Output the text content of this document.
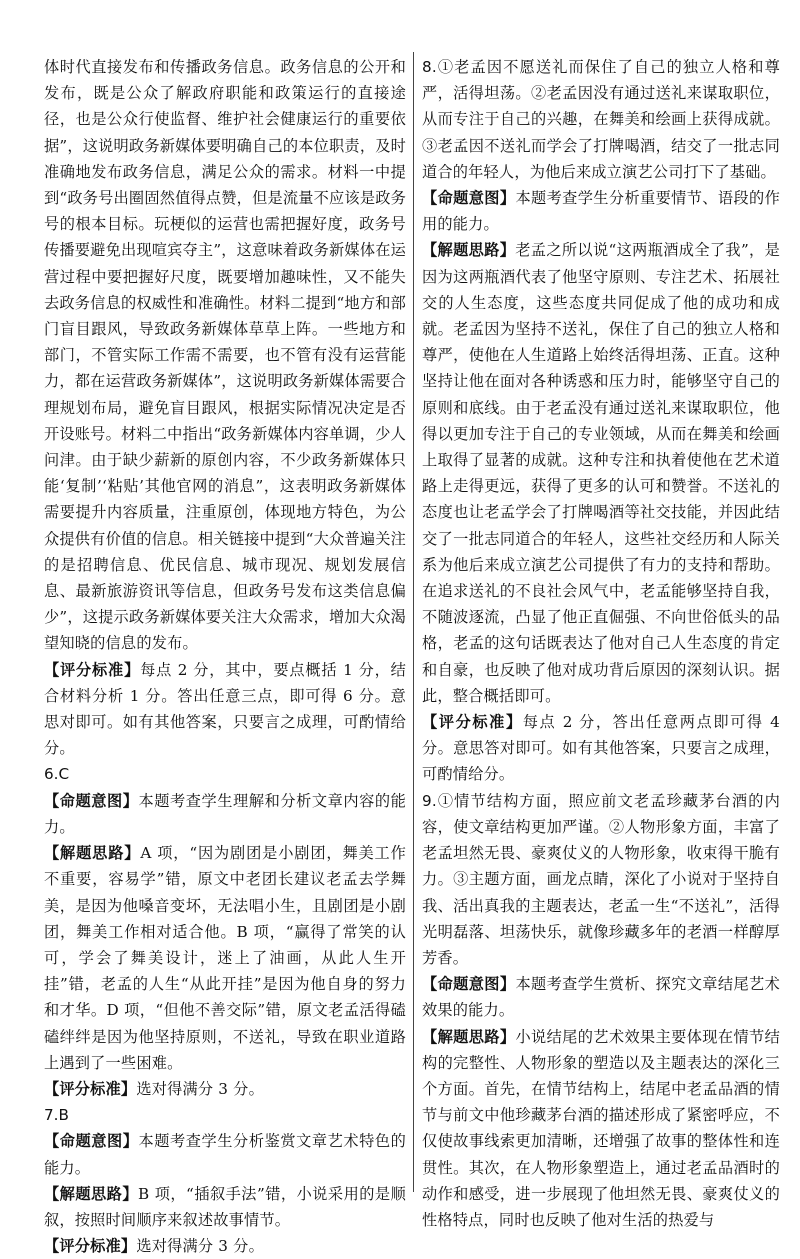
体时代直接发布和传播政务信息。政务信息的公开和发布，既是公众了解政府职能和政策运行的直接途径，也是公众行使监督、维护社会健康运行的重要依据”，这说明政务新媒体要明确自己的本位职责，及时准确地发布政务信息，满足公众的需求。材料一中提到“政务号出圈固然值得点赞，但是流量不应该是政务号的根本目标。玩梗似的运营也需把握好度，政务号传播要避免出现喧宾夺主”，这意味着政务新媒体在运营过程中要把握好尺度，既要增加趣味性，又不能失去政务信息的权威性和准确性。材料二提到“地方和部门盲目跟风，导致政务新媒体草草上阵。一些地方和部门，不管实际工作需不需要，也不管有没有运营能力，都在运营政务新媒体”，这说明政务新媒体需要合理规划布局，避免盲目跟风，根据实际情况决定是否开设账号。材料二中指出“政务新媒体内容单调，少人问津。由于缺少薪新的原创内容，不少政务新媒体只能‘复制’‘粘贴’其他官网的消息”，这表明政务新媒体需要提升内容质量，注重原创，体现地方特色，为公众提供有价值的信息。相关链接中提到“大众普遍关注的是招聘信息、优民信息、城市现况、规划发展信息、最新旅游资讯等信息，但政务号发布这类信息偏少”，这提示政务新媒体要关注大众需求，增加大众渴望知晓的信息的发布。

【评分标准】每点 2 分，其中，要点概括 1 分，结合材料分析 1 分。答出任意三点，即可得 6 分。意思对即可。如有其他答案，只要言之成理，可酌情给分。

6.C

【命题意图】本题考查学生理解和分析文章内容的能力。

【解题思路】A 项，“因为剧团是小剧团，舞美工作不重要，容易学”错，原文中老团长建议老孟去学舞美，是因为他嗓音变坏，无法唱小生，且剧团是小剧团，舞美工作相对适合他。B 项，“赢得了常笑的认可，学会了舞美设计，迷上了油画，从此人生开挂”错，老孟的人生“从此开挂”是因为他自身的努力和才华。D 项，“但他不善交际”错，原文老孟活得磕磕绊绊是因为他坚持原则，不送礼，导致在职业道路上遇到了一些困难。

【评分标准】选对得满分 3 分。

7.B

【命题意图】本题考查学生分析鉴赏文章艺术特色的能力。

【解题思路】B 项，“插叙手法”错，小说采用的是顺叙，按照时间顺序来叙述故事情节。

【评分标准】选对得满分 3 分。

8.①老孟因不愿送礼而保住了自己的独立人格和尊严，活得坦荡。②老孟因没有通过送礼来谋取职位，从而专注于自己的兴趣，在舞美和绘画上获得成就。③老孟因不送礼而学会了打牌喝酒，结交了一批志同道合的年轻人，为他后来成立演艺公司打下了基础。

【命题意图】本题考查学生分析重要情节、语段的作用的能力。

【解题思路】老孟之所以说“这两瓶酒成全了我”，是因为这两瓶酒代表了他坚守原则、专注艺术、拓展社交的人生态度，这些态度共同促成了他的成功和成就。老孟因为坚持不送礼，保住了自己的独立人格和尊严，使他在人生道路上始终活得坦荡、正直。这种坚持让他在面对各种诱惑和压力时，能够坚守自己的原则和底线。由于老孟没有通过送礼来谋取职位，他得以更加专注于自己的专业领域，从而在舞美和绘画上取得了显著的成就。这种专注和执着使他在艺术道路上走得更远，获得了更多的认可和赞誉。不送礼的态度也让老孟学会了打牌喝酒等社交技能，并因此结交了一批志同道合的年轻人，这些社交经历和人际关系为他后来成立演艺公司提供了有力的支持和帮助。在追求送礼的不良社会风气中，老孟能够坚持自我，不随波逐流，凸显了他正直倔强、不向世俗低头的品格，老孟的这句话既表达了他对自己人生态度的肯定和自豪，也反映了他对成功背后原因的深刻认识。据此，整合概括即可。

【评分标准】每点 2 分，答出任意两点即可得 4 分。意思答对即可。如有其他答案，只要言之成理，可酌情给分。

9.①情节结构方面，照应前文老孟珍藏茅台酒的内容，使文章结构更加严谨。②人物形象方面，丰富了老孟坦然无畏、豪爽仗义的人物形象，收束得干脆有力。③主题方面，画龙点睛，深化了小说对于坚持自我、活出真我的主题表达，老孟一生“不送礼”，活得光明磊落、坦荡快乐，就像珍藏多年的老酒一样醇厚芳香。

【命题意图】本题考查学生赏析、探究文章结尾艺术效果的能力。

【解题思路】小说结尾的艺术效果主要体现在情节结构的完整性、人物形象的塑造以及主题表达的深化三个方面。首先，在情节结构上，结尾中老孟品酒的情节与前文中他珍藏茅台酒的描述形成了紧密呼应，不仅使故事线索更加清晰，还增强了故事的整体性和连贯性。其次，在人物形象塑造上，通过老孟品酒时的动作和感受，进一步展现了他坦然无畏、豪爽仗义的性格特点，同时也反映了他对生活的热爱与
